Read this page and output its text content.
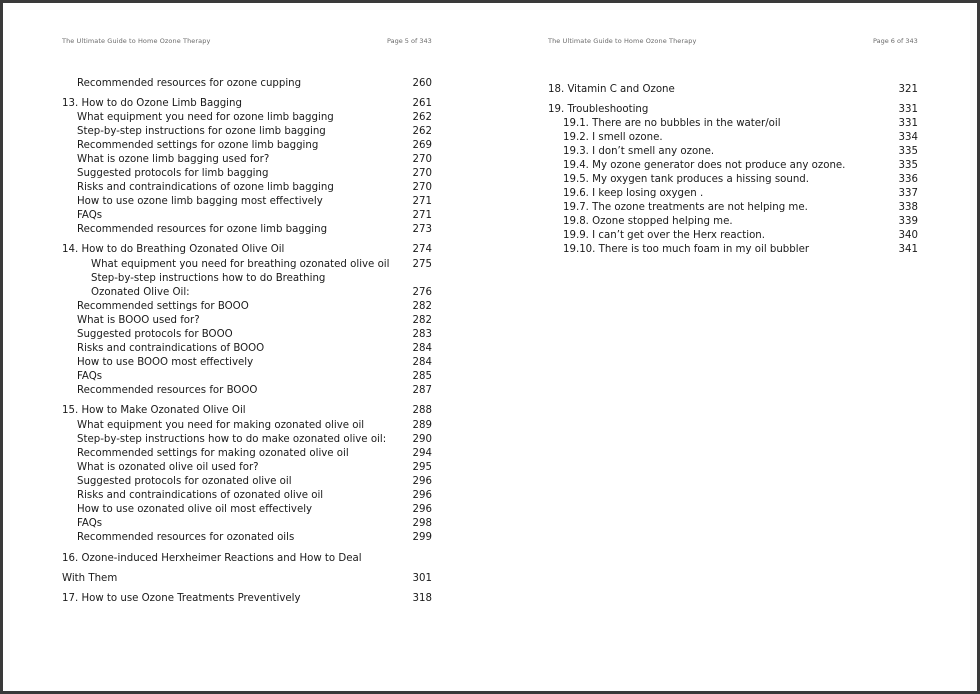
The Ultimate Guide to Home Ozone Therapy	Page 5 of 343
Recommended resources for ozone cupping	260
13. How to do Ozone Limb Bagging	261
What equipment you need for ozone limb bagging	262
Step-by-step instructions for ozone limb bagging	262
Recommended settings for ozone limb bagging	269
What is ozone limb bagging used for?	270
Suggested protocols for limb bagging	270
Risks and contraindications of ozone limb bagging	270
How to use ozone limb bagging most effectively	271
FAQs	271
Recommended resources for ozone limb bagging	273
14. How to do Breathing Ozonated Olive Oil	274
What equipment you need for breathing ozonated olive oil	275
Step-by-step instructions how to do Breathing
Ozonated Olive Oil:	276
Recommended settings for BOOO	282
What is BOOO used for?	282
Suggested protocols for BOOO	283
Risks and contraindications of BOOO	284
How to use BOOO most effectively	284
FAQs	285
Recommended resources for BOOO	287
15. How to Make Ozonated Olive Oil	288
What equipment you need for making ozonated olive oil	289
Step-by-step instructions how to do make ozonated olive oil:	290
Recommended settings for making ozonated olive oil	294
What is ozonated olive oil used for?	295
Suggested protocols for ozonated olive oil	296
Risks and contraindications of ozonated olive oil	296
How to use ozonated olive oil most effectively	296
FAQs	298
Recommended resources for ozonated oils	299
16. Ozone-induced Herxheimer Reactions and How to Deal
With Them	301
17. How to use Ozone Treatments Preventively	318
The Ultimate Guide to Home Ozone Therapy	Page 6 of 343
18. Vitamin C and Ozone	321
19. Troubleshooting	331
19.1. There are no bubbles in the water/oil	331
19.2. I smell ozone.	334
19.3. I don’t smell any ozone.	335
19.4. My ozone generator does not produce any ozone.	335
19.5. My oxygen tank produces a hissing sound.	336
19.6. I keep losing oxygen .	337
19.7. The ozone treatments are not helping me.	338
19.8. Ozone stopped helping me.	339
19.9. I can’t get over the Herx reaction.	340
19.10. There is too much foam in my oil bubbler	341
